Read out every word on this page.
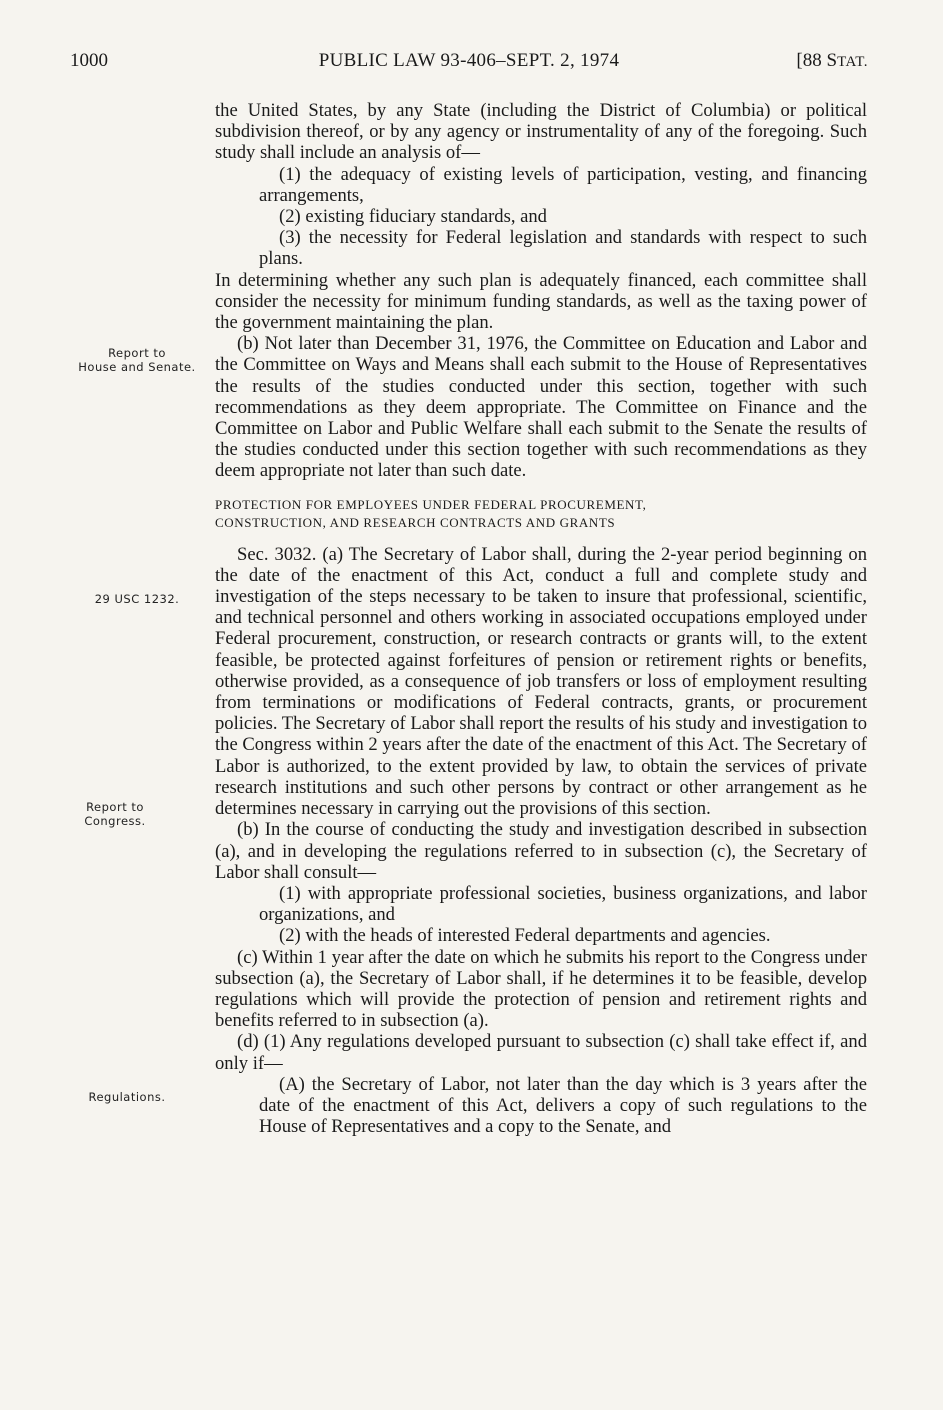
1000	PUBLIC LAW 93-406–SEPT. 2, 1974	[88 STAT.
Report to
House and Senate.
29 USC 1232.
Report to
Congress.
Regulations.

the United States, by any State (including the District of Columbia) or political subdivision thereof, or by any agency or instrumentality of any of the foregoing. Such study shall include an analysis of—

(1) the adequacy of existing levels of participation, vesting, and financing arrangements,

(2) existing fiduciary standards, and

(3) the necessity for Federal legislation and standards with respect to such plans.

In determining whether any such plan is adequately financed, each committee shall consider the necessity for minimum funding standards, as well as the taxing power of the government maintaining the plan.

(b) Not later than December 31, 1976, the Committee on Education and Labor and the Committee on Ways and Means shall each submit to the House of Representatives the results of the studies conducted under this section, together with such recommendations as they deem appropriate. The Committee on Finance and the Committee on Labor and Public Welfare shall each submit to the Senate the results of the studies conducted under this section together with such recommendations as they deem appropriate not later than such date.

PROTECTION FOR EMPLOYEES UNDER FEDERAL PROCUREMENT,
CONSTRUCTION, AND RESEARCH CONTRACTS AND GRANTS

Sec. 3032. (a) The Secretary of Labor shall, during the 2-year period beginning on the date of the enactment of this Act, conduct a full and complete study and investigation of the steps necessary to be taken to insure that professional, scientific, and technical personnel and others working in associated occupations employed under Federal procurement, construction, or research contracts or grants will, to the extent feasible, be protected against forfeitures of pension or retirement rights or benefits, otherwise provided, as a consequence of job transfers or loss of employment resulting from terminations or modifications of Federal contracts, grants, or procurement policies. The Secretary of Labor shall report the results of his study and investigation to the Congress within 2 years after the date of the enactment of this Act. The Secretary of Labor is authorized, to the extent provided by law, to obtain the services of private research institutions and such other persons by contract or other arrangement as he determines necessary in carrying out the provisions of this section.

(b) In the course of conducting the study and investigation described in subsection (a), and in developing the regulations referred to in subsection (c), the Secretary of Labor shall consult—

(1) with appropriate professional societies, business organizations, and labor organizations, and

(2) with the heads of interested Federal departments and agencies.

(c) Within 1 year after the date on which he submits his report to the Congress under subsection (a), the Secretary of Labor shall, if he determines it to be feasible, develop regulations which will provide the protection of pension and retirement rights and benefits referred to in subsection (a).

(d) (1) Any regulations developed pursuant to subsection (c) shall take effect if, and only if—

(A) the Secretary of Labor, not later than the day which is 3 years after the date of the enactment of this Act, delivers a copy of such regulations to the House of Representatives and a copy to the Senate, and
